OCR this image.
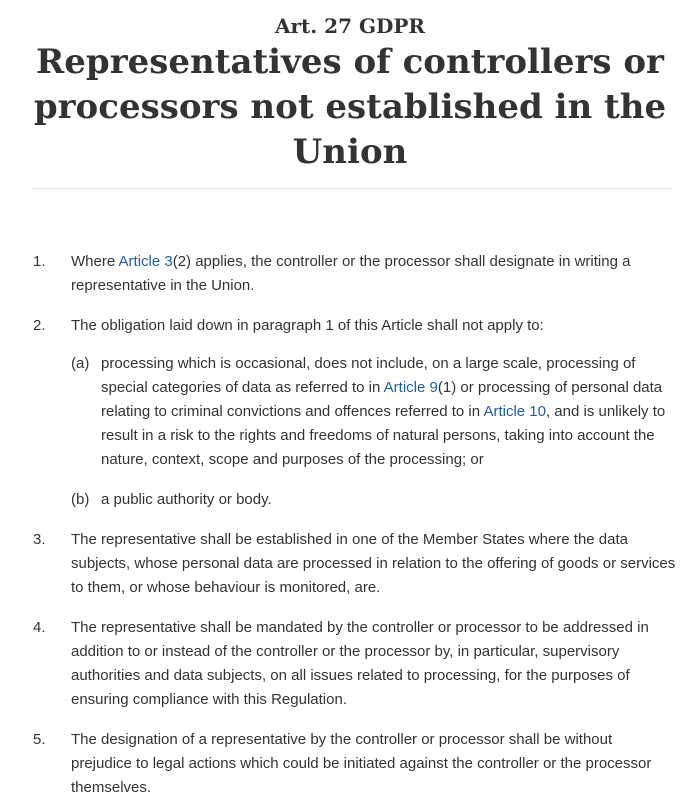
Art. 27 GDPR
Representatives of controllers or processors not established in the Union
1.	Where Article 3(2) applies, the controller or the processor shall designate in writing a representative in the Union.
2.	The obligation laid down in paragraph 1 of this Article shall not apply to:
(a) processing which is occasional, does not include, on a large scale, processing of special categories of data as referred to in Article 9(1) or processing of personal data relating to criminal convictions and offences referred to in Article 10, and is unlikely to result in a risk to the rights and freedoms of natural persons, taking into account the nature, context, scope and purposes of the processing; or
(b) a public authority or body.
3.	The representative shall be established in one of the Member States where the data subjects, whose personal data are processed in relation to the offering of goods or services to them, or whose behaviour is monitored, are.
4.	The representative shall be mandated by the controller or processor to be addressed in addition to or instead of the controller or the processor by, in particular, supervisory authorities and data subjects, on all issues related to processing, for the purposes of ensuring compliance with this Regulation.
5.	The designation of a representative by the controller or processor shall be without prejudice to legal actions which could be initiated against the controller or the processor themselves.
